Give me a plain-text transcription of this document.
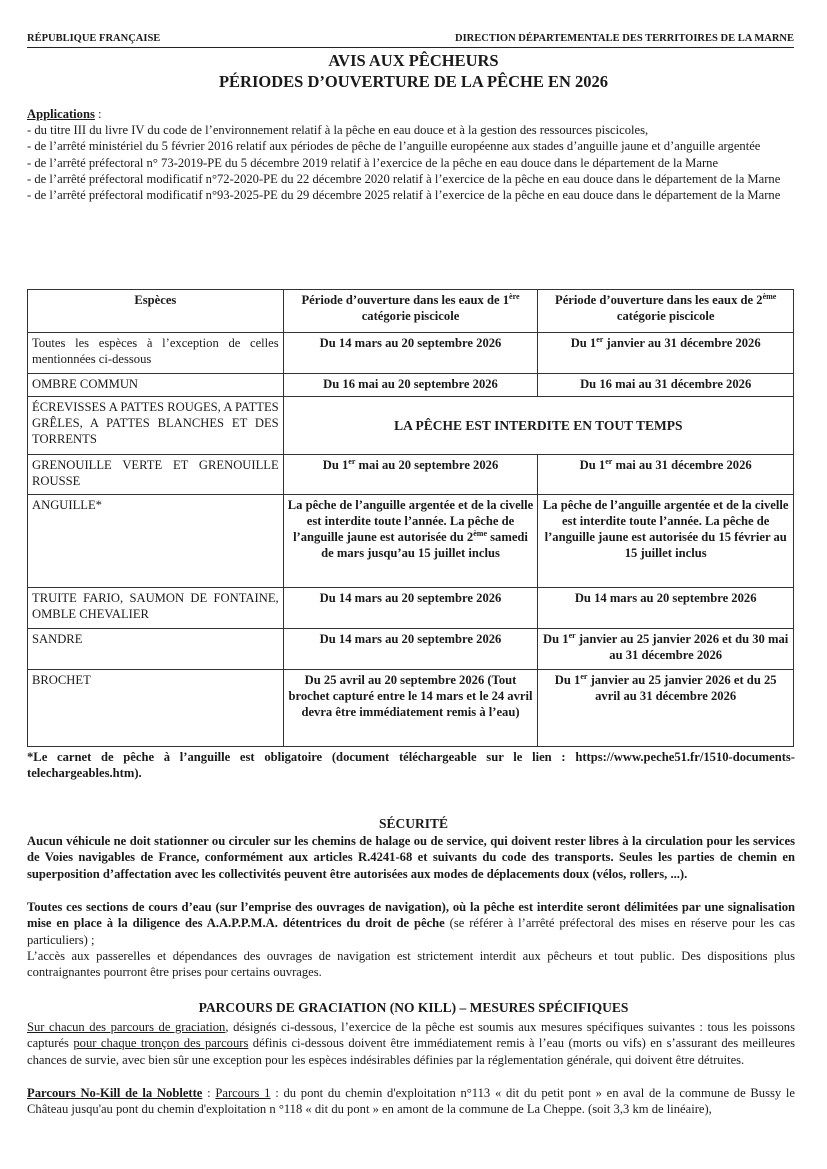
RÉPUBLIQUE FRANÇAISE	DIRECTION DÉPARTEMENTALE DES TERRITOIRES DE LA MARNE
AVIS AUX PÊCHEURS
PÉRIODES D’OUVERTURE DE LA PÊCHE EN 2026
Applications :
- du titre III du livre IV du code de l’environnement relatif à la pêche en eau douce et à la gestion des ressources piscicoles,
- de l’arrêté ministériel du 5 février 2016 relatif aux périodes de pêche de l’anguille européenne aux stades d’anguille jaune et d’anguille argentée
- de l’arrêté préfectoral n° 73-2019-PE du 5 décembre 2019 relatif à l’exercice de la pêche en eau douce dans le département de la Marne
- de l’arrêté préfectoral modificatif n°72-2020-PE du 22 décembre 2020 relatif à l’exercice de la pêche en eau douce dans le département de la Marne
- de l’arrêté préfectoral modificatif n°93-2025-PE du 29 décembre 2025 relatif à l’exercice de la pêche en eau douce dans le département de la Marne
Espèces	Période d’ouverture dans les eaux de 1ère catégorie piscicole	Période d’ouverture dans les eaux de 2ème catégorie piscicole
Toutes les espèces à l’exception de celles mentionnées ci-dessous	Du 14 mars au 20 septembre 2026	Du 1er janvier au 31 décembre 2026
OMBRE COMMUN	Du 16 mai au 20 septembre 2026	Du 16 mai au 31 décembre 2026
ÉCREVISSES A PATTES ROUGES, A PATTES GRÊLES, A PATTES BLANCHES ET DES TORRENTS	LA PÊCHE EST INTERDITE EN TOUT TEMPS	
GRENOUILLE VERTE ET GRENOUILLE ROUSSE	Du 1er mai au 20 septembre 2026	Du 1er mai au 31 décembre 2026
ANGUILLE*	La pêche de l’anguille argentée et de la civelle est interdite toute l’année. La pêche de l’anguille jaune est autorisée du 2ème samedi de mars jusqu’au 15 juillet inclus	La pêche de l’anguille argentée et de la civelle est interdite toute l’année. La pêche de l’anguille jaune est autorisée du 15 février au 15 juillet inclus
TRUITE FARIO, SAUMON DE FONTAINE, OMBLE CHEVALIER	Du 14 mars au 20 septembre 2026	Du 14 mars au 20 septembre 2026
SANDRE	Du 14 mars au 20 septembre 2026	Du 1er janvier au 25 janvier 2026 et du 30 mai au 31 décembre 2026
BROCHET	Du 25 avril au 20 septembre 2026 (Tout brochet capturé entre le 14 mars et le 24 avril devra être immédiatement remis à l’eau)	Du 1er janvier au 25 janvier 2026 et du 25 avril au 31 décembre 2026
*Le carnet de pêche à l’anguille est obligatoire (document téléchargeable sur le lien : https://www.peche51.fr/1510-documents-telechargeables.htm).
SÉCURITÉ
Aucun véhicule ne doit stationner ou circuler sur les chemins de halage ou de service, qui doivent rester libres à la circulation pour les services de Voies navigables de France, conformément aux articles R.4241-68 et suivants du code des transports. Seules les parties de chemin en superposition d’affectation avec les collectivités peuvent être autorisées aux modes de déplacements doux (vélos, rollers, ...).
Toutes ces sections de cours d’eau (sur l’emprise des ouvrages de navigation), où la pêche est interdite seront délimitées par une signalisation mise en place à la diligence des A.A.P.P.M.A. détentrices du droit de pêche (se référer à l’arrêté préfectoral des mises en réserve pour les cas particuliers) ;
L’accès aux passerelles et dépendances des ouvrages de navigation est strictement interdit aux pêcheurs et tout public. Des dispositions plus contraignantes pourront être prises pour certains ouvrages.
PARCOURS DE GRACIATION (NO KILL) – MESURES SPÉCIFIQUES
Sur chacun des parcours de graciation, désignés ci-dessous, l’exercice de la pêche est soumis aux mesures spécifiques suivantes : tous les poissons capturés pour chaque tronçon des parcours définis ci-dessous doivent être immédiatement remis à l’eau (morts ou vifs) en s’assurant des meilleures chances de survie, avec bien sûr une exception pour les espèces indésirables définies par la réglementation générale, qui doivent être détruites.
Parcours No-Kill de la Noblette : Parcours 1 : du pont du chemin d'exploitation n°113 « dit du petit pont » en aval de la commune de Bussy le Château jusqu'au pont du chemin d'exploitation n °118 « dit du pont » en amont de la commune de La Cheppe. (soit 3,3 km de linéaire),
